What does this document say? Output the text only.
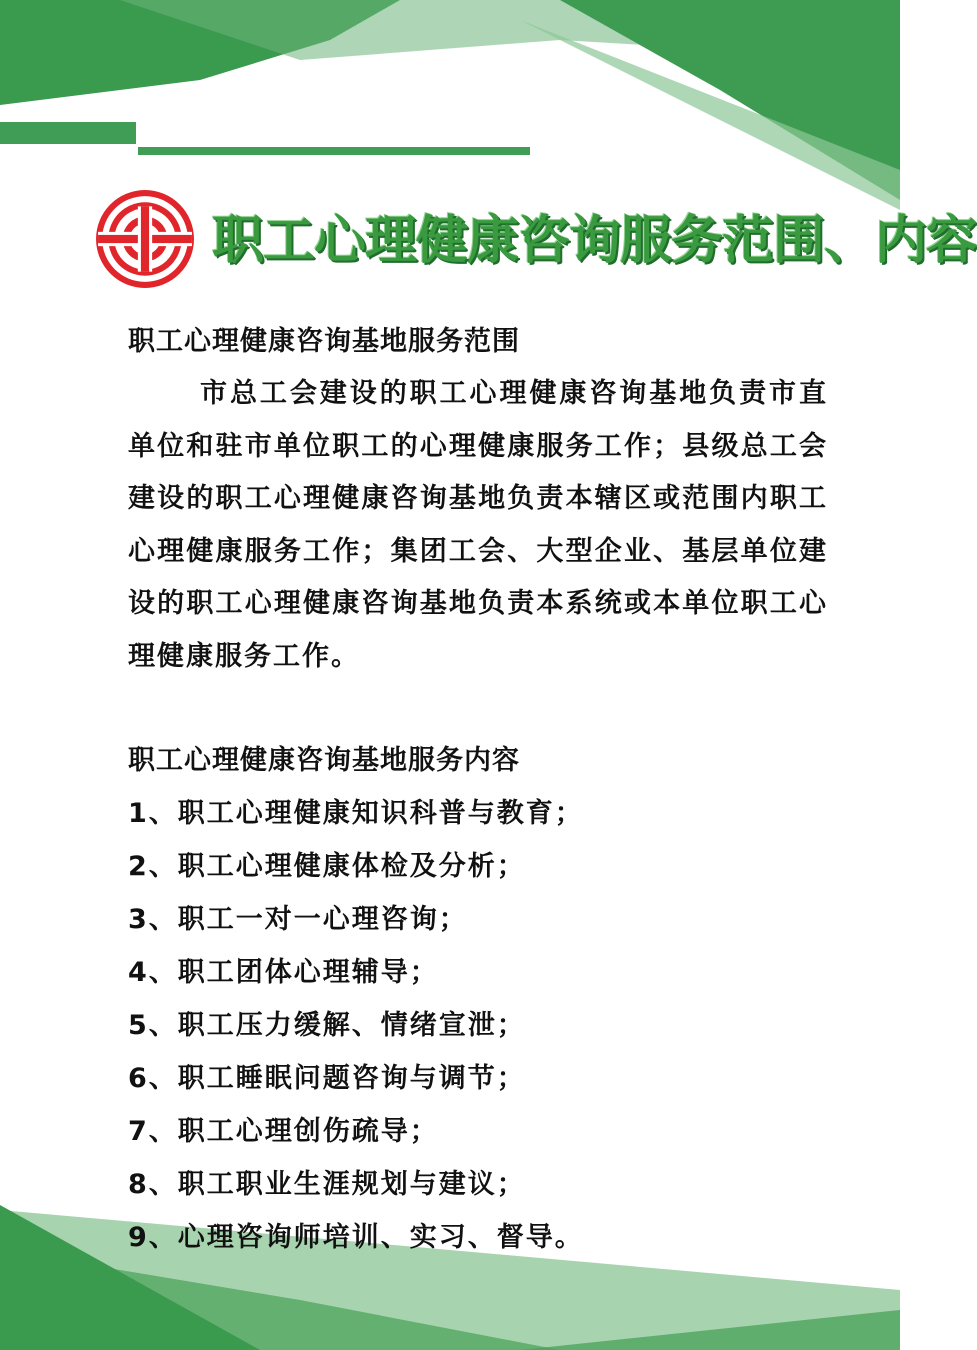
职工心理健康咨询服务范围、内容

职工心理健康咨询基地服务范围

市总工会建设的职工心理健康咨询基地负责市直单位和驻市单位职工的心理健康服务工作；县级总工会建设的职工心理健康咨询基地负责本辖区或范围内职工心理健康服务工作；集团工会、大型企业、基层单位建设的职工心理健康咨询基地负责本系统或本单位职工心理健康服务工作。

职工心理健康咨询基地服务内容

1、职工心理健康知识科普与教育；
2、职工心理健康体检及分析；
3、职工一对一心理咨询；
4、职工团体心理辅导；
5、职工压力缓解、情绪宣泄；
6、职工睡眠问题咨询与调节；
7、职工心理创伤疏导；
8、职工职业生涯规划与建议；
9、心理咨询师培训、实习、督导。
